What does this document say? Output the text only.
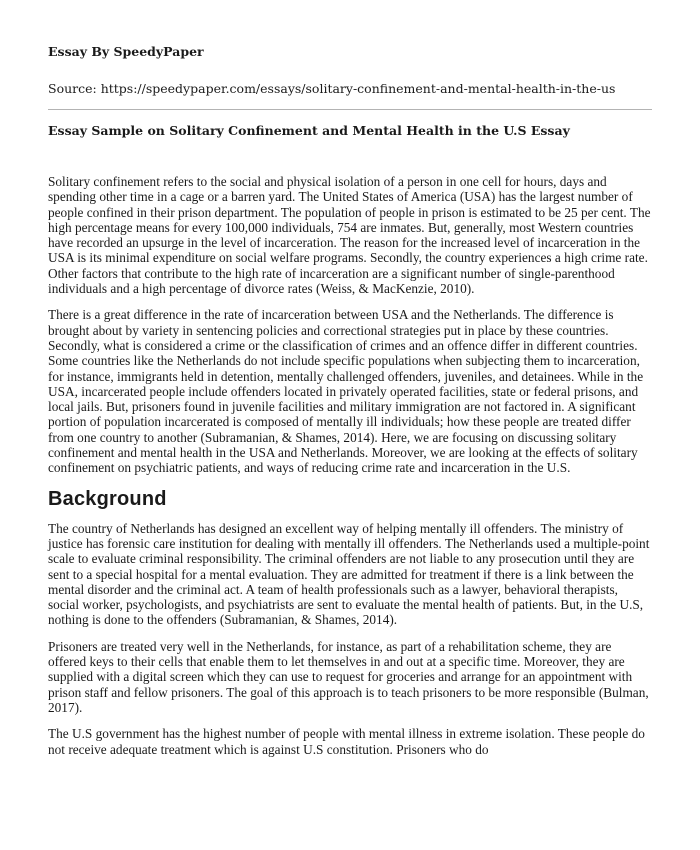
Essay By SpeedyPaper
Source: https://speedypaper.com/essays/solitary-confinement-and-mental-health-in-the-us
Essay Sample on Solitary Confinement and Mental Health in the U.S Essay

Solitary confinement refers to the social and physical isolation of a person in one cell for hours, days and spending other time in a cage or a barren yard. The United States of America (USA) has the largest number of people confined in their prison department. The population of people in prison is estimated to be 25 per cent. The high percentage means for every 100,000 individuals, 754 are inmates. But, generally, most Western countries have recorded an upsurge in the level of incarceration. The reason for the increased level of incarceration in the USA is its minimal expenditure on social welfare programs. Secondly, the country experiences a high crime rate. Other factors that contribute to the high rate of incarceration are a significant number of single-parenthood individuals and a high percentage of divorce rates (Weiss, & MacKenzie, 2010).

There is a great difference in the rate of incarceration between USA and the Netherlands. The difference is brought about by variety in sentencing policies and correctional strategies put in place by these countries. Secondly, what is considered a crime or the classification of crimes and an offence differ in different countries. Some countries like the Netherlands do not include specific populations when subjecting them to incarceration, for instance, immigrants held in detention, mentally challenged offenders, juveniles, and detainees. While in the USA, incarcerated people include offenders located in privately operated facilities, state or federal prisons, and local jails. But, prisoners found in juvenile facilities and military immigration are not factored in. A significant portion of population incarcerated is composed of mentally ill individuals; how these people are treated differ from one country to another (Subramanian, & Shames, 2014). Here, we are focusing on discussing solitary confinement and mental health in the USA and Netherlands. Moreover, we are looking at the effects of solitary confinement on psychiatric patients, and ways of reducing crime rate and incarceration in the U.S.

Background

The country of Netherlands has designed an excellent way of helping mentally ill offenders. The ministry of justice has forensic care institution for dealing with mentally ill offenders. The Netherlands used a multiple-point scale to evaluate criminal responsibility. The criminal offenders are not liable to any prosecution until they are sent to a special hospital for a mental evaluation. They are admitted for treatment if there is a link between the mental disorder and the criminal act. A team of health professionals such as a lawyer, behavioral therapists, social worker, psychologists, and psychiatrists are sent to evaluate the mental health of patients. But, in the U.S, nothing is done to the offenders (Subramanian, & Shames, 2014).

Prisoners are treated very well in the Netherlands, for instance, as part of a rehabilitation scheme, they are offered keys to their cells that enable them to let themselves in and out at a specific time. Moreover, they are supplied with a digital screen which they can use to request for groceries and arrange for an appointment with prison staff and fellow prisoners. The goal of this approach is to teach prisoners to be more responsible (Bulman, 2017).

The U.S government has the highest number of people with mental illness in extreme isolation. These people do not receive adequate treatment which is against U.S constitution. Prisoners who do
